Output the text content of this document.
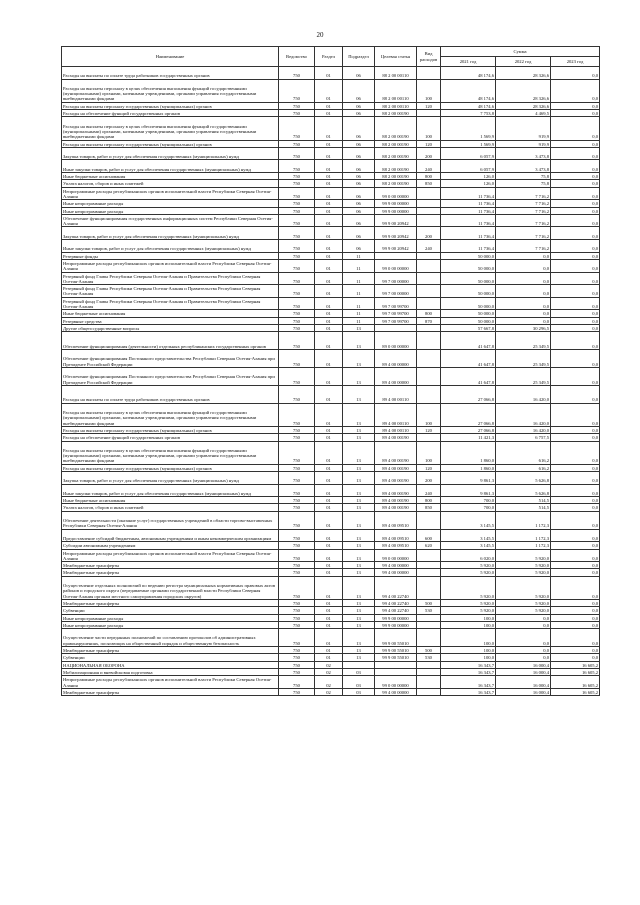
20
Наименование	Ведомство	Раздел	Подраздел	Целевая статья	Вид расходов	Сумма		
						2021 год	2022 год	2023 год
Расходы на выплаты по оплате труда работников государственных органов	750	01	06	88 2 00 00110		48 174,6	28 326,6	0,0
Расходы на выплаты персоналу в целях обеспечения выполнения функций государственными (муниципальными) органами, казенными учреждениями, органами управления государственными внебюджетными фондами	750	01	06	88 2 00 00110	100	48 174,6	28 326,6	0,0
Расходы на выплаты персоналу государственных (муниципальных) органов	750	01	06	88 2 00 00110	120	48 174,6	28 326,6	0,0
Расходы на обеспечение функций государственных органов	750	01	06	88 2 00 00190		7 753,8	4 469,5	0,0
Расходы на выплаты персоналу в целях обеспечения выполнения функций государственными (муниципальными) органами, казенными учреждениями, органами управления государственными внебюджетными фондами	750	01	06	88 2 00 00190	100	1 569,9	919,9	0,0
Расходы на выплаты персоналу государственных (муниципальных) органов	750	01	06	88 2 00 00190	120	1 569,9	919,9	0,0
Закупка товаров, работ и услуг для обеспечения государственных (муниципальных) нужд	750	01	06	88 2 00 00190	200	6 057,9	3 473,8	0,0
Иные закупки товаров, работ и услуг для обеспечения государственных (муниципальных) нужд	750	01	06	88 2 00 00190	240	6 057,9	3 473,8	0,0
Иные бюджетные ассигнования	750	01	06	88 2 00 00190	800	126,0	75,8	0,0
Уплата налогов, сборов и иных платежей	750	01	06	88 2 00 00190	850	126,0	75,8	0,0
Непрограммные расходы республиканских органов исполнительной власти Республики Северная Осетия-Алания	750	01	06	99 0 00 00000		11 736,4	7 716,2	0,0
Иные непрограммные расходы	750	01	06	99 9 00 00000		11 736,4	7 716,2	0,0
Иные непрограммные расходы	750	01	06	99 9 00 00000		11 736,4	7 716,2	0,0
Обеспечение функционирования государственных информационных систем Республики Северная Осетия-Алания	750	01	06	99 9 00 20942		11 736,4	7 716,2	0,0
Закупка товаров, работ и услуг для обеспечения государственных (муниципальных) нужд	750	01	06	99 9 00 20942	200	11 736,4	7 716,2	0,0
Иные закупки товаров, работ и услуг для обеспечения государственных (муниципальных) нужд	750	01	06	99 9 00 20942	240	11 736,4	7 716,2	0,0
Резервные фонды	750	01	11			50 000,0	0,0	0,0
Непрограммные расходы республиканских органов исполнительной власти Республики Северная Осетия-Алания	750	01	11	99 0 00 00000		50 000,0	0,0	0,0
Резервный фонд Главы Республики Северная Осетия-Алания и Правительства Республики Северная Осетия-Алания	750	01	11	99 7 00 00000		50 000,0	0,0	0,0
Резервный фонд Главы Республики Северная Осетия-Алания и Правительства Республики Северная Осетия-Алания	750	01	11	99 7 00 00000		50 000,0	0,0	0,0
Резервный фонд Главы Республики Северная Осетия-Алания и Правительства Республики Северная Осетия-Алания	750	01	11	99 7 00 99700		50 000,0	0,0	0,0
Иные бюджетные ассигнования	750	01	11	99 7 00 99700	800	50 000,0	0,0	0,0
Резервные средства	750	01	11	99 7 00 99700	870	50 000,0	0,0	0,0
Другие общегосударственные вопросы	750	01	13			57 667,8	30 296,5	0,0
Обеспечение функционирования (деятельности) отдельных республиканских государственных органов	750	01	13	89 0 00 00000		41 647,8	25 349,5	0,0
Обеспечение функционирования Постоянного представительства Республики Северная Осетия-Алания при Президенте Российской Федерации	750	01	13	89 4 00 00000		41 647,8	25 349,5	0,0
Обеспечение функционирования Постоянного представительства Республики Северная Осетия-Алания при Президенте Российской Федерации	750	01	13	89 4 00 00000		41 647,8	25 349,5	0,0
Расходы на выплаты по оплате труда работников государственных органов	750	01	13	89 4 00 00110		27 066,8	16 420,0	0,0
Расходы на выплаты персоналу в целях обеспечения выполнения функций государственными (муниципальными) органами, казенными учреждениями, органами управления государственными внебюджетными фондами	750	01	13	89 4 00 00110	100	27 066,8	16 420,0	0,0
Расходы на выплаты персоналу государственных (муниципальных) органов	750	01	13	89 4 00 00110	120	27 066,8	16 420,0	0,0
Расходы на обеспечение функций государственных органов	750	01	13	89 4 00 00190		11 421,3	6 757,5	0,0
Расходы на выплаты персоналу в целях обеспечения выполнения функций государственными (муниципальными) органами, казенными учреждениями, органами управления государственными внебюджетными фондами	750	01	13	89 4 00 00190	100	1 860,0	616,2	0,0
Расходы на выплаты персоналу государственных (муниципальных) органов	750	01	13	89 4 00 00190	120	1 860,0	616,2	0,0
Закупка товаров, работ и услуг для обеспечения государственных (муниципальных) нужд	750	01	13	89 4 00 00190	200	9 861,3	5 626,8	0,0
Иные закупки товаров, работ и услуг для обеспечения государственных (муниципальных) нужд	750	01	13	89 4 00 00190	240	9 861,3	5 626,8	0,0
Иные бюджетные ассигнования	750	01	13	89 4 00 00190	800	700,0	514,5	0,0
Уплата налогов, сборов и иных платежей	750	01	13	89 4 00 00190	850	700,0	514,5	0,0
Обеспечение деятельности (оказание услуг) государственных учреждений в области торгово-выставочных Республики Северная Осетия-Алания	750	01	13	89 4 00 09510		3 145,5	1 172,3	0,0
Предоставление субсидий бюджетным, автономным учреждениям и иным некоммерческим организациям	750	01	13	89 4 00 09510	600	3 145,5	1 172,3	0,0
Субсидии автономным учреждениям	750	01	13	89 4 00 09510	620	3 145,5	1 172,3	0,0
Непрограммные расходы республиканских органов исполнительной власти Республики Северная Осетия-Алания	750	01	13	99 0 00 00000		6 020,0	5 920,0	0,0
Межбюджетные трансферты	750	01	13	99 4 00 00000		5 920,0	5 920,0	0,0
Межбюджетные трансферты	750	01	13	99 4 00 00000		5 920,0	5 920,0	0,0
Осуществление отдельных полномочий по ведению регистра муниципальных нормативных правовых актов районов и городского округа (передаваемые органами государственной власти Республики Северная Осетия-Алания органам местного самоуправления городских округов)	750	01	13	99 4 00 22740		5 920,0	5 920,0	0,0
Межбюджетные трансферты	750	01	13	99 4 00 22740	500	5 920,0	5 920,0	0,0
Субвенции	750	01	13	99 4 00 22740	530	5 920,0	5 920,0	0,0
Иные непрограммные расходы	750	01	13	99 9 00 00000		100,0	0,0	0,0
Иные непрограммные расходы	750	01	13	99 9 00 00000		100,0	0,0	0,0
Осуществление части переданных полномочий по составлению протоколов об административных правонарушениях, посягающих на общественный порядок и общественную безопасность	750	01	13	99 9 00 55010		100,0	0,0	0,0
Межбюджетные трансферты	750	01	13	99 9 00 55010	500	100,0	0,0	0,0
Субвенции	750	01	13	99 9 00 55010	530	100,0	0,0	0,0
НАЦИОНАЛЬНАЯ ОБОРОНА	750	02				16 343,7	16 000,4	16 605,2
Мобилизационная и вневойсковая подготовка	750	02	03			16 343,7	16 000,4	16 605,2
Непрограммные расходы республиканских органов исполнительной власти Республики Северная Осетия-Алания	750	02	03	99 0 00 00000		16 343,7	16 000,4	16 605,2
Межбюджетные трансферты	750	02	03	99 4 00 00000		16 343,7	16 000,4	16 605,2
